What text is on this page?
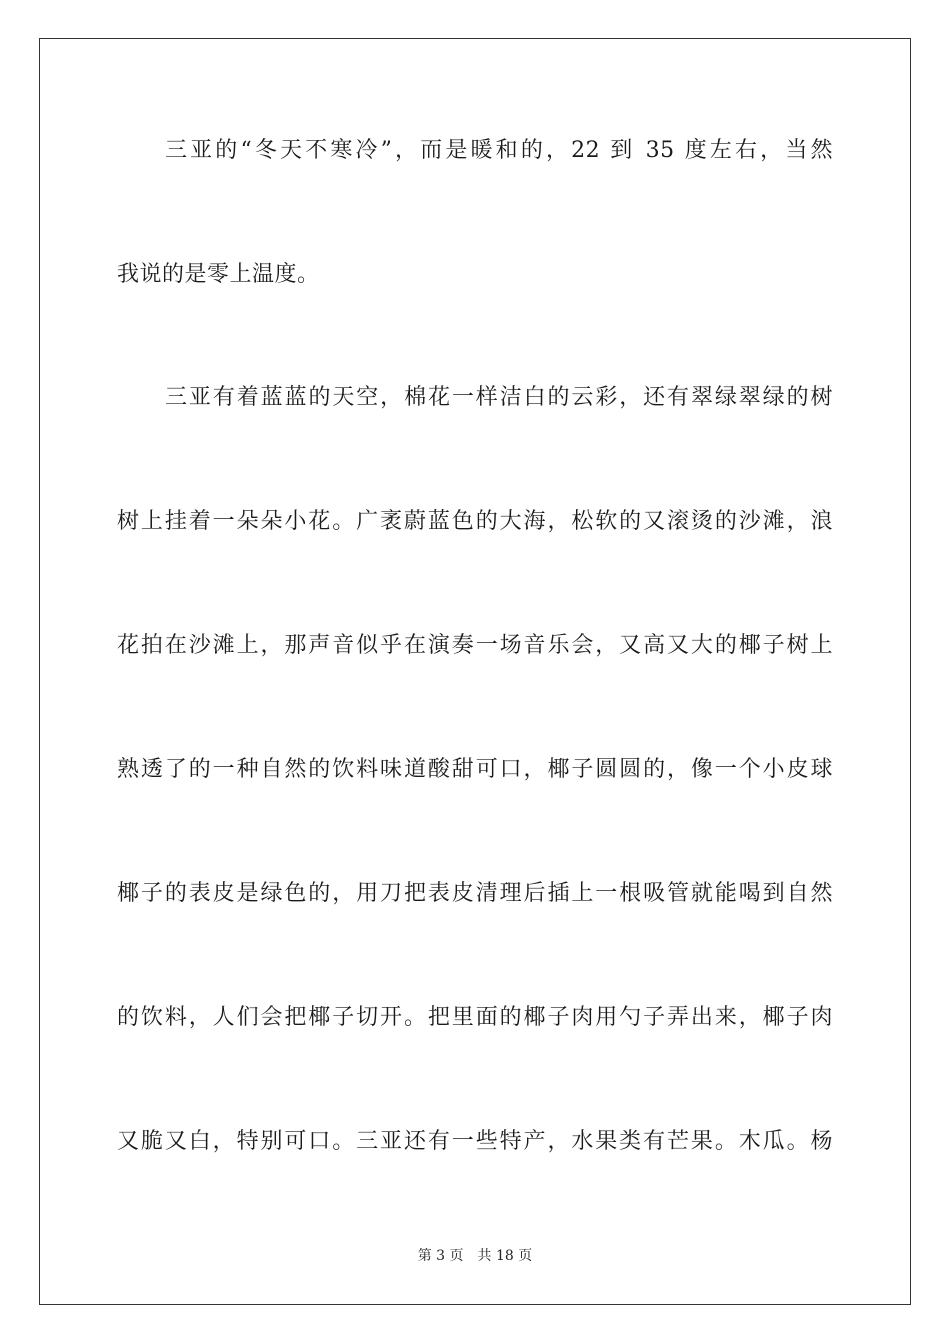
三亚的“冬天不寒冷”，而是暖和的，22 到 35 度左右，当然
我说的是零上温度。
三亚有着蓝蓝的天空，棉花一样洁白的云彩，还有翠绿翠绿的树
树上挂着一朵朵小花。广袤蔚蓝色的大海，松软的又滚烫的沙滩，浪
花拍在沙滩上，那声音似乎在演奏一场音乐会，又高又大的椰子树上
熟透了的一种自然的饮料味道酸甜可口，椰子圆圆的，像一个小皮球
椰子的表皮是绿色的，用刀把表皮清理后插上一根吸管就能喝到自然
的饮料，人们会把椰子切开。把里面的椰子肉用勺子弄出来，椰子肉
又脆又白，特别可口。三亚还有一些特产，水果类有芒果。木瓜。杨
第 3 页 共 18 页
